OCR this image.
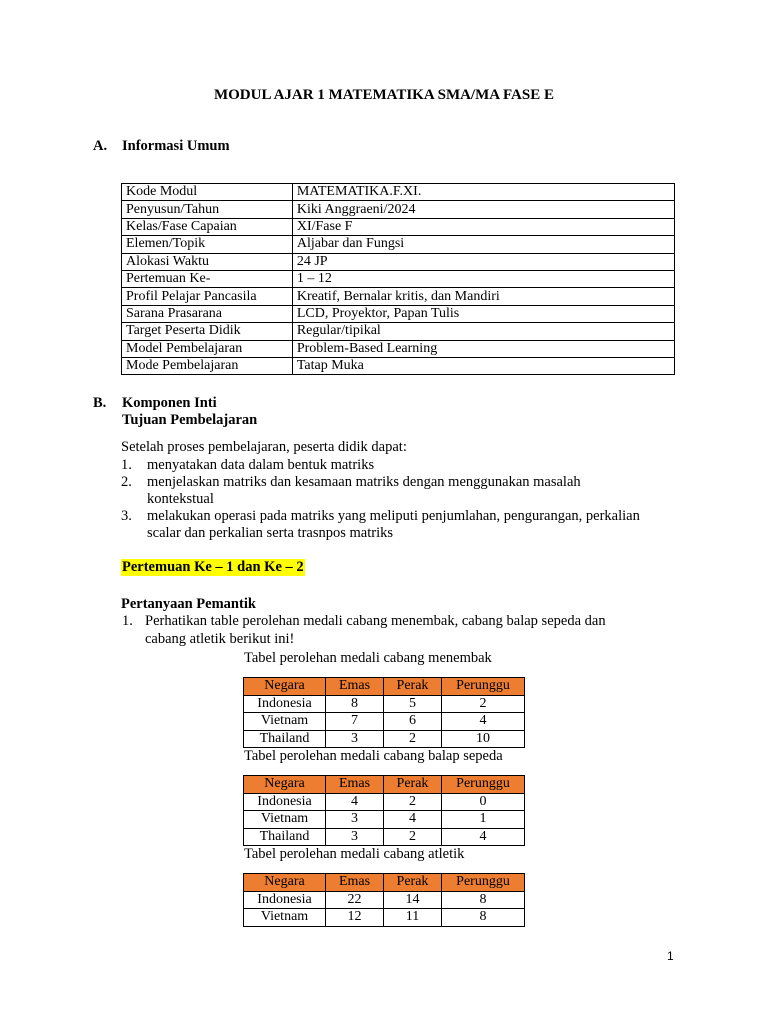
MODUL AJAR 1 MATEMATIKA SMA/MA FASE E
A. Informasi Umum
Kode Modul	MATEMATIKA.F.XI.
Penyusun/Tahun	Kiki Anggraeni/2024
Kelas/Fase Capaian	XI/Fase F
Elemen/Topik	Aljabar dan Fungsi
Alokasi Waktu	24 JP
Pertemuan Ke-	1 – 12
Profil Pelajar Pancasila	Kreatif, Bernalar kritis, dan Mandiri
Sarana Prasarana	LCD, Proyektor, Papan Tulis
Target Peserta Didik	Regular/tipikal
Model Pembelajaran	Problem-Based Learning
Mode Pembelajaran	Tatap Muka
B. Komponen Inti
Tujuan Pembelajaran
Setelah proses pembelajaran, peserta didik dapat:
1. menyatakan data dalam bentuk matriks
2. menjelaskan matriks dan kesamaan matriks dengan menggunakan masalah
kontekstual
3. melakukan operasi pada matriks yang meliputi penjumlahan, pengurangan, perkalian
scalar dan perkalian serta trasnpos matriks
Pertemuan Ke – 1 dan Ke – 2
Pertanyaan Pemantik
1. Perhatikan table perolehan medali cabang menembak, cabang balap sepeda dan
cabang atletik berikut ini!
Tabel perolehan medali cabang menembak
Negara	Emas	Perak	Perunggu
Indonesia	8	5	2
Vietnam	7	6	4
Thailand	3	2	10
Tabel perolehan medali cabang balap sepeda
Negara	Emas	Perak	Perunggu
Indonesia	4	2	0
Vietnam	3	4	1
Thailand	3	2	4
Tabel perolehan medali cabang atletik
Negara	Emas	Perak	Perunggu
Indonesia	22	14	8
Vietnam	12	11	8
1
